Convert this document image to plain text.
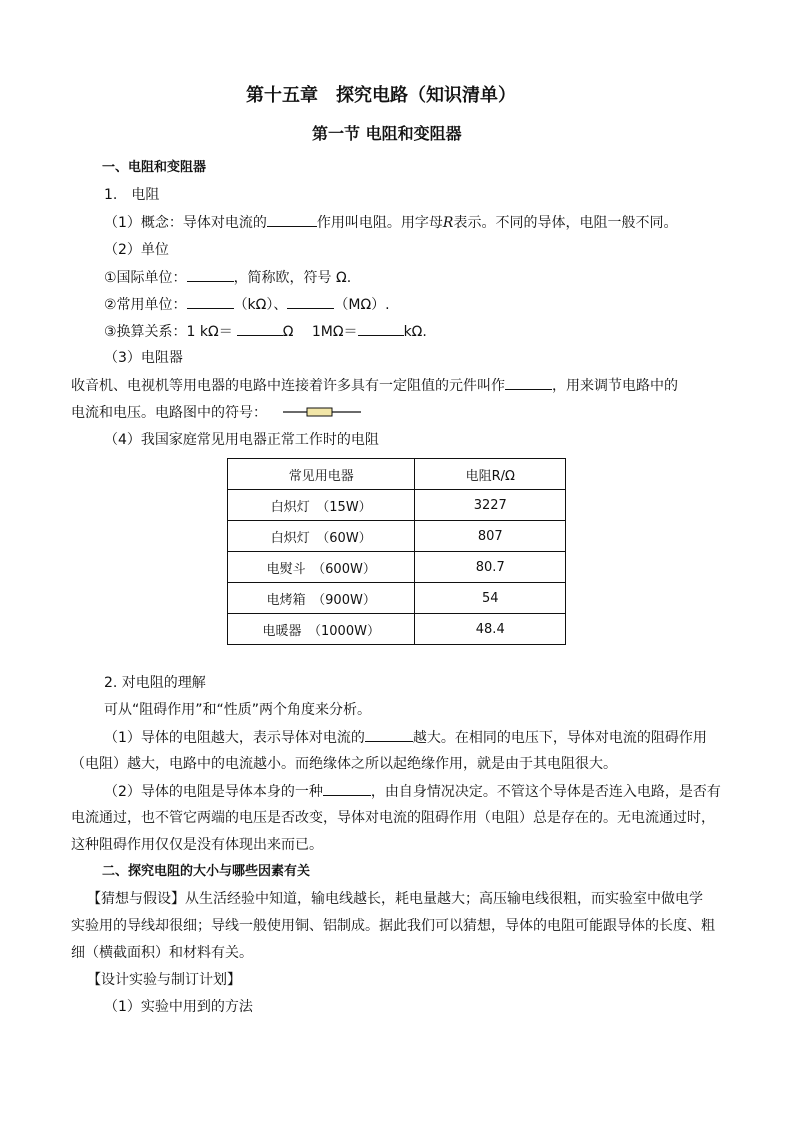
第十五章　探究电路（知识清单）
第一节 电阻和变阻器
一、电阻和变阻器
1.　电阻
（1）概念：导体对电流的	作用叫电阻。用字母R表示。不同的导体，电阻一般不同。
（2）单位
①国际单位：	，简称欧，符号 Ω.
②常用单位：	（kΩ）、	（MΩ）.
③换算关系：1 kΩ＝	Ω　 1MΩ＝	kΩ.
（3）电阻器
收音机、电视机等用电器的电路中连接着许多具有一定阻值的元件叫作	，用来调节电路中的
电流和电压。电路图中的符号：
（4）我国家庭常见用电器正常工作时的电阻
常见用电器	电阻R/Ω
白炽灯　（15W）	3227
白炽灯　（60W）	807
电熨斗　（600W）	80.7
电烤箱　（900W）	54
电暖器　（1000W）	48.4
2. 对电阻的理解
可从“阻碍作用”和“性质”两个角度来分析。
（1）导体的电阻越大，表示导体对电流的	越大。在相同的电压下，导体对电流的阻碍作用
（电阻）越大，电路中的电流越小。而绝缘体之所以起绝缘作用，就是由于其电阻很大。
（2）导体的电阻是导体本身的一种	，由自身情况决定。不管这个导体是否连入电路，是否有
电流通过，也不管它两端的电压是否改变，导体对电流的阻碍作用（电阻）总是存在的。无电流通过时，
这种阻碍作用仅仅是没有体现出来而已。
二、探究电阻的大小与哪些因素有关
【猜想与假设】从生活经验中知道，输电线越长，耗电量越大；高压输电线很粗，而实验室中做电学
实验用的导线却很细；导线一般使用铜、铝制成。据此我们可以猜想，导体的电阻可能跟导体的长度、粗
细（横截面积）和材料有关。
【设计实验与制订计划】
（1）实验中用到的方法
